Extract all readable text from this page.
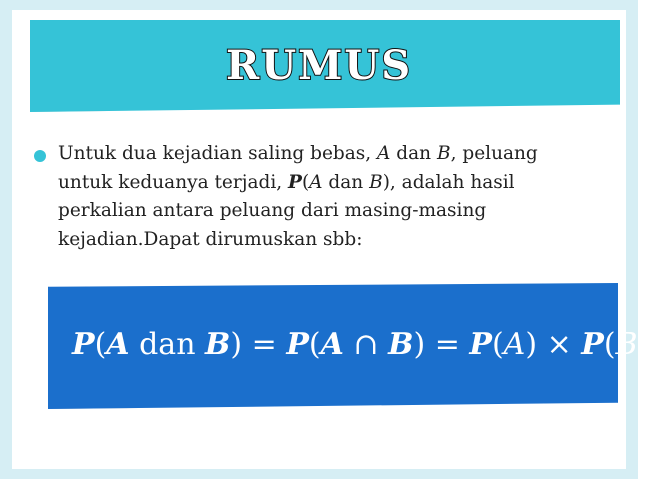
RUMUS
Untuk dua kejadian saling bebas, A dan B, peluang untuk keduanya terjadi, P(A dan B), adalah hasil perkalian antara peluang dari masing-masing kejadian.Dapat dirumuskan sbb:
P(A dan B) = P(A ∩ B) = P(A) × P(B)
